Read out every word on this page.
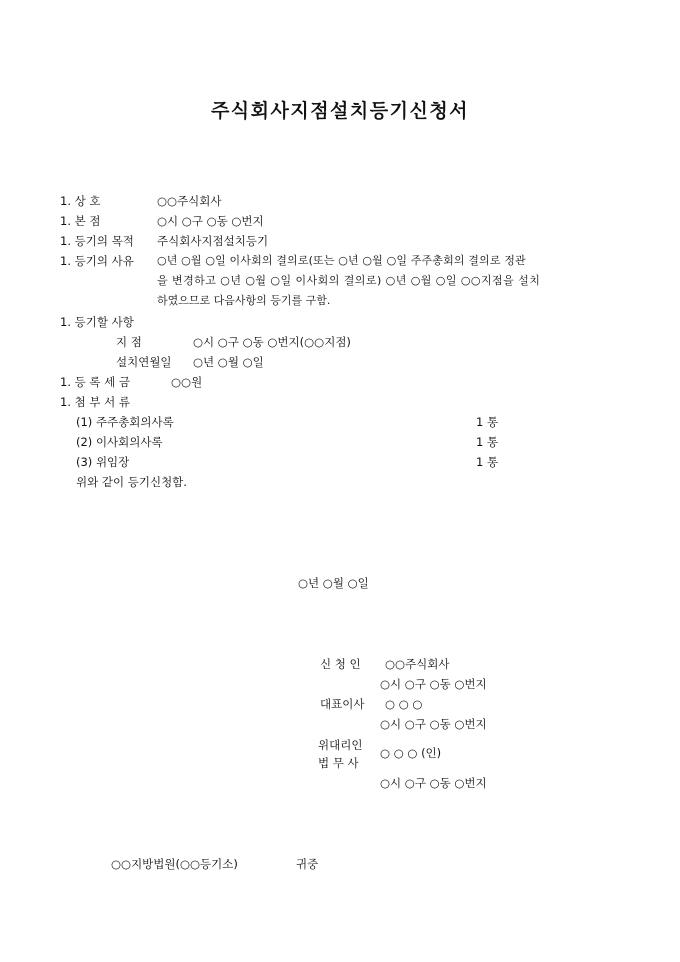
주식회사지점설치등기신청서
1. 상 호	○○주식회사
1. 본 점	○시 ○구 ○동 ○번지
1. 등기의 목적 주식회사지점설치등기
1. 등기의 사유 ○년 ○월 ○일 이사회의 결의로(또는 ○년 ○월 ○일 주주총회의 결의로 정관
을 변경하고 ○년 ○월 ○일 이사회의 결의로) ○년 ○월 ○일 ○○지점을 설치
하였으므로 다음사항의 등기를 구함.
1. 등기할 사항
지 점	○시 ○구 ○동 ○번지(○○지점)
설치연월일 ○년 ○월 ○일
1. 등 록 세 금	○○원
1. 첨 부 서 류
(1) 주주총회의사록	1 통
(2) 이사회의사록	1 통
(3) 위임장	1 통
위와 같이 등기신청함.
○년 ○월 ○일
신 청 인 ○○주식회사
○시 ○구 ○동 ○번지
대표이사 ○ ○ ○
○시 ○구 ○동 ○번지
위대리인
법 무 사
○ ○ ○ (인)
○시 ○구 ○동 ○번지
○○지방법원(○○등기소)	귀중
